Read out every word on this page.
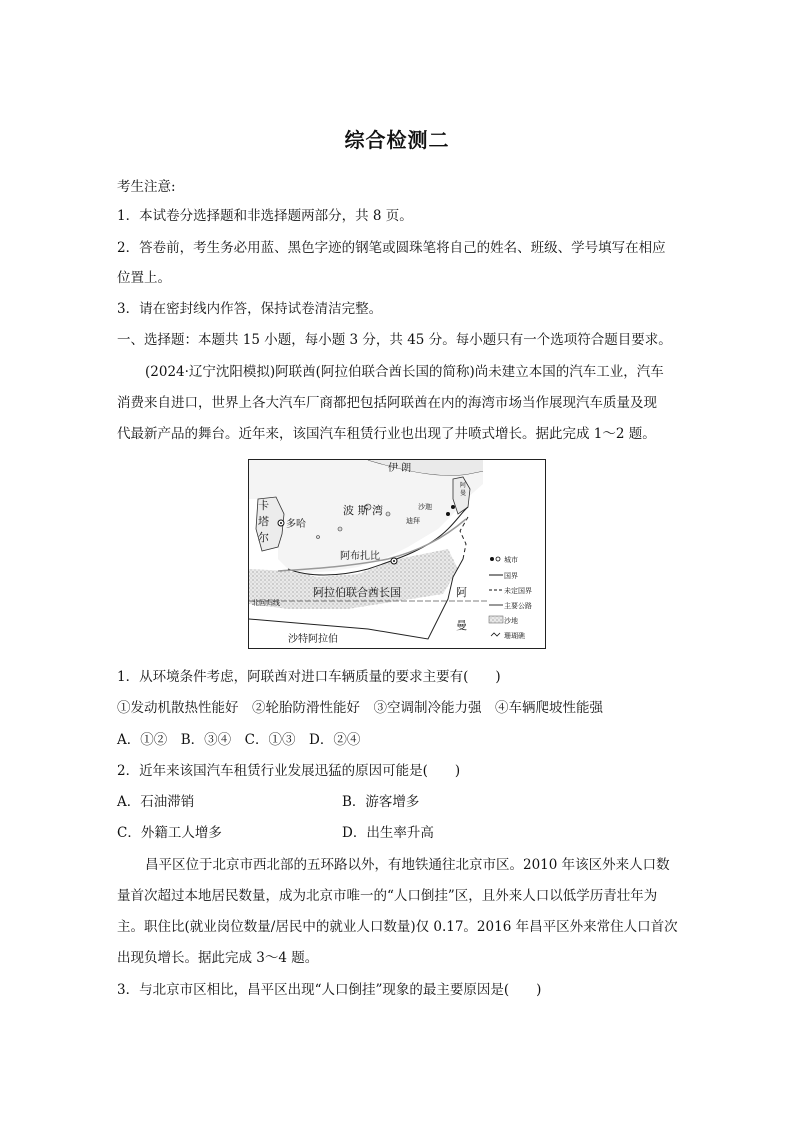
综合检测二
考生注意:
1．本试卷分选择题和非选择题两部分，共 8 页。
2．答卷前，考生务必用蓝、黑色字迹的钢笔或圆珠笔将自己的姓名、班级、学号填写在相应
位置上。
3．请在密封线内作答，保持试卷清洁完整。
一、选择题：本题共 15 小题，每小题 3 分，共 45 分。每小题只有一个选项符合题目要求。
(2024·辽宁沈阳模拟)阿联酋(阿拉伯联合酋长国的简称)尚未建立本国的汽车工业，汽车
消费来自进口，世界上各大汽车厂商都把包括阿联酋在内的海湾市场当作展现汽车质量及现
代最新产品的舞台。近年来，该国汽车租赁行业也出现了井喷式增长。据此完成 1～2 题。
伊 朗
波 斯 湾
卡
塔
尔
多哈	迪拜
沙迦
阿
曼
阿布扎比
阿拉伯联合酋长国	阿
曼
北回归线
沙特阿拉伯
城市
国界
未定国界
主要公路
沙地
珊瑚礁
1．从环境条件考虑，阿联酋对进口车辆质量的要求主要有(　　)
①发动机散热性能好　②轮胎防滑性能好　③空调制冷能力强　④车辆爬坡性能强
A．①②　B．③④　C．①③　D．②④
2．近年来该国汽车租赁行业发展迅猛的原因可能是(　　)
A．石油滞销	B．游客增多
C．外籍工人增多	D．出生率升高
昌平区位于北京市西北部的五环路以外，有地铁通往北京市区。2010 年该区外来人口数
量首次超过本地居民数量，成为北京市唯一的“人口倒挂”区，且外来人口以低学历青壮年为
主。职住比(就业岗位数量/居民中的就业人口数量)仅 0.17。2016 年昌平区外来常住人口首次
出现负增长。据此完成 3～4 题。
3．与北京市区相比，昌平区出现“人口倒挂”现象的最主要原因是(　　)
